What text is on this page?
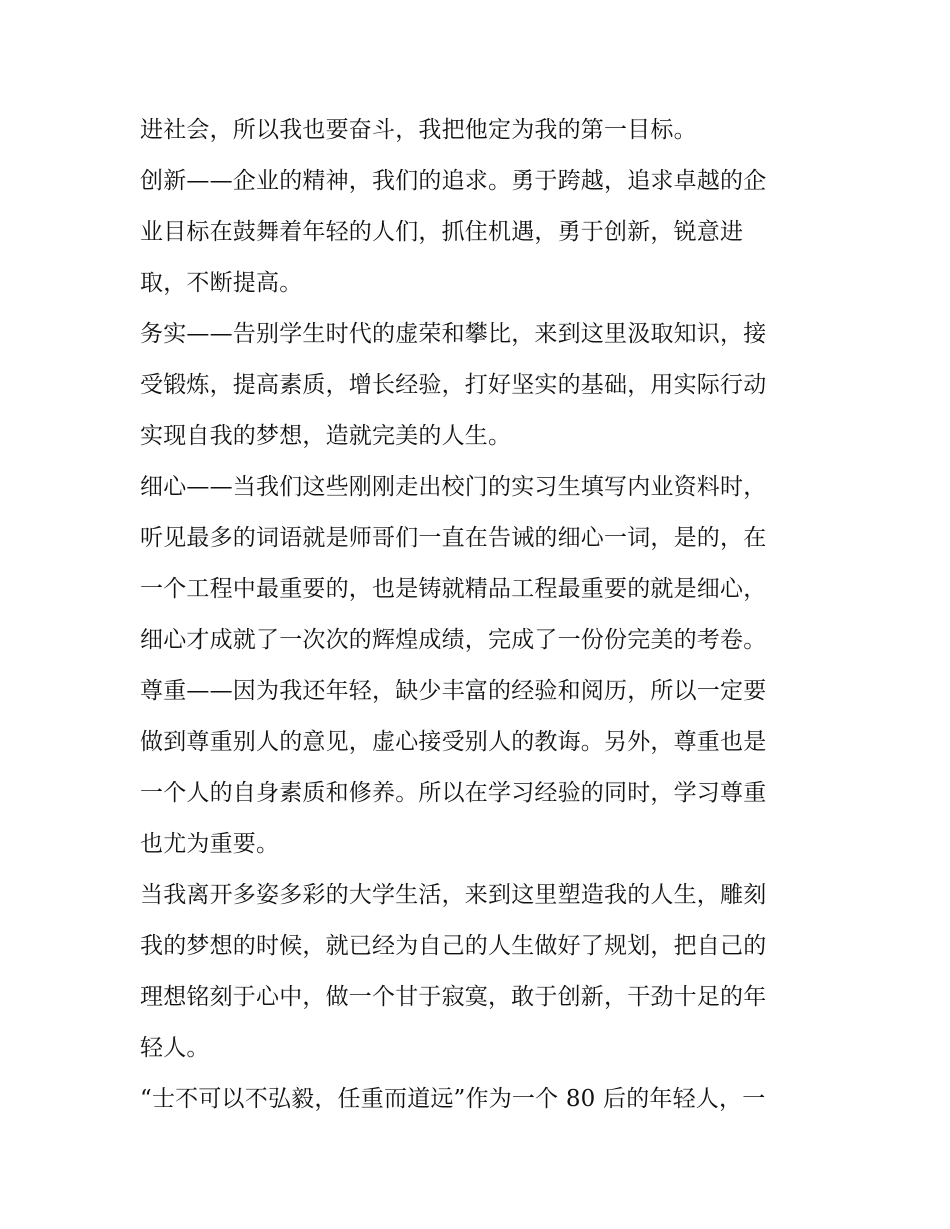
进社会，所以我也要奋斗，我把他定为我的第一目标。
创新——企业的精神，我们的追求。勇于跨越，追求卓越的企
业目标在鼓舞着年轻的人们，抓住机遇，勇于创新，锐意进
取，不断提高。
务实——告别学生时代的虚荣和攀比，来到这里汲取知识，接
受锻炼，提高素质，增长经验，打好坚实的基础，用实际行动
实现自我的梦想，造就完美的人生。
细心——当我们这些刚刚走出校门的实习生填写内业资料时，
听见最多的词语就是师哥们一直在告诫的细心一词，是的，在
一个工程中最重要的，也是铸就精品工程最重要的就是细心，
细心才成就了一次次的辉煌成绩，完成了一份份完美的考卷。
尊重——因为我还年轻，缺少丰富的经验和阅历，所以一定要
做到尊重别人的意见，虚心接受别人的教诲。另外，尊重也是
一个人的自身素质和修养。所以在学习经验的同时，学习尊重
也尤为重要。
当我离开多姿多彩的大学生活，来到这里塑造我的人生，雕刻
我的梦想的时候，就已经为自己的人生做好了规划，把自己的
理想铭刻于心中，做一个甘于寂寞，敢于创新，干劲十足的年
轻人。
“士不可以不弘毅，任重而道远”作为一个 80 后的年轻人，一
